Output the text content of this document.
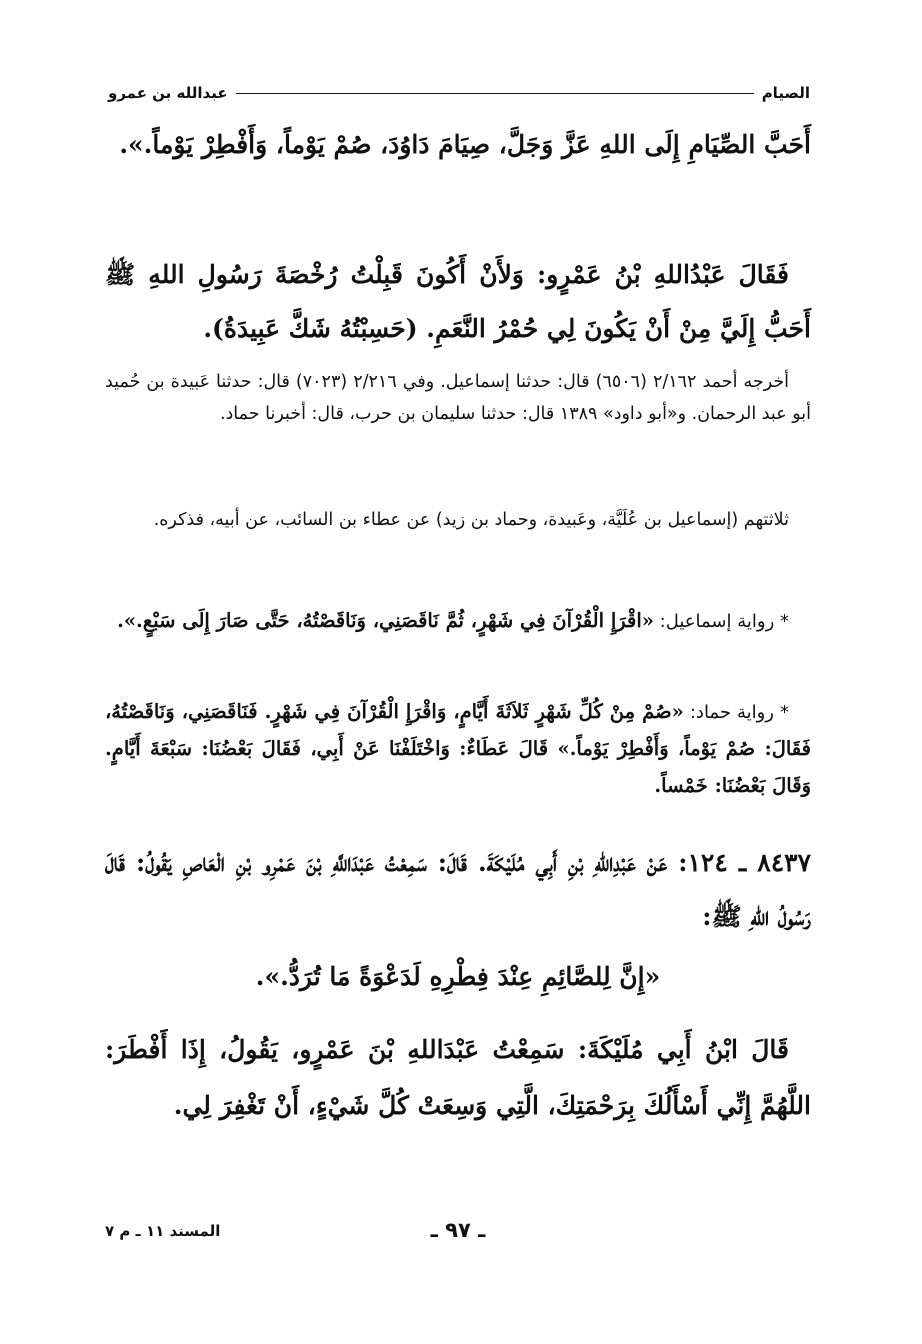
الصيام
عبدالله بن عمرو

أَحَبَّ الصِّيَامِ إِلَى اللهِ عَزَّ وَجَلَّ، صِيَامَ دَاوُدَ، صُمْ يَوْماً، وَأَفْطِرْ يَوْماً.».

فَقَالَ عَبْدُاللهِ بْنُ عَمْرٍو: وَلأَنْ أَكُونَ قَبِلْتُ رُخْصَةَ رَسُولِ اللهِ ﷺ أَحَبُّ إِلَيَّ مِنْ أَنْ يَكُونَ لِي حُمْرُ النَّعَمِ. (حَسِبْتُهُ شَكَّ عَبِيدَةُ).

أخرجه أحمد ٢/١٦٢ (٦٥٠٦) قال: حدثنا إسماعيل. وفي ٢/٢١٦ (٧٠٢٣) قال: حدثنا عَبيدة بن حُميد أبو عبد الرحمان. و«أبو داود» ١٣٨٩ قال: حدثنا سليمان بن حرب، قال: أخبرنا حماد.

ثلاثتهم (إسماعيل بن عُلَيَّة، وعَبيدة، وحماد بن زيد) عن عطاء بن السائب، عن أبيه، فذكره.

* رواية إسماعيل: «اقْرَإِ الْقُرْآنَ فِي شَهْرٍ، ثُمَّ نَاقَصَنِي، وَنَاقَصْتُهُ، حَتَّى صَارَ إِلَى سَبْعٍ.».

* رواية حماد: «صُمْ مِنْ كُلِّ شَهْرٍ ثَلاَثَةَ أَيَّامٍ، وَاقْرَإِ الْقُرْآنَ فِي شَهْرٍ. فَنَاقَصَنِي، وَنَاقَصْتُهُ، فَقَالَ: صُمْ يَوْماً، وَأَفْطِرْ يَوْماً.» قَالَ عَطَاءٌ: وَاخْتَلَفْنَا عَنْ أَبِي، فَقَالَ بَعْضُنَا: سَبْعَةَ أَيَّامٍ. وَقَالَ بَعْضُنَا: خَمْساً.

٨٤٣٧ ـ ١٢٤: عَنْ عَبْدِاللهِ بْنِ أَبِي مُلَيْكَةَ. قَالَ: سَمِعْتُ عَبْدَاللَّهِ بْنَ عَمْرِو بْنِ الْعَاصِ يَقُولُ: قَالَ رَسُولُ اللهِ ﷺ:

«إِنَّ لِلصَّائِمِ عِنْدَ فِطْرِهِ لَدَعْوَةً مَا تُرَدُّ.».

قَالَ ابْنُ أَبِي مُلَيْكَةَ: سَمِعْتُ عَبْدَاللهِ بْنَ عَمْرٍو، يَقُولُ، إِذَا أَفْطَرَ: اللَّهُمَّ إِنِّي أَسْأَلُكَ بِرَحْمَتِكَ، الَّتِي وَسِعَتْ كُلَّ شَيْءٍ، أَنْ تَغْفِرَ لِي.

ـ ٩٧ ـ
المسند ١١ ـ م ٧
